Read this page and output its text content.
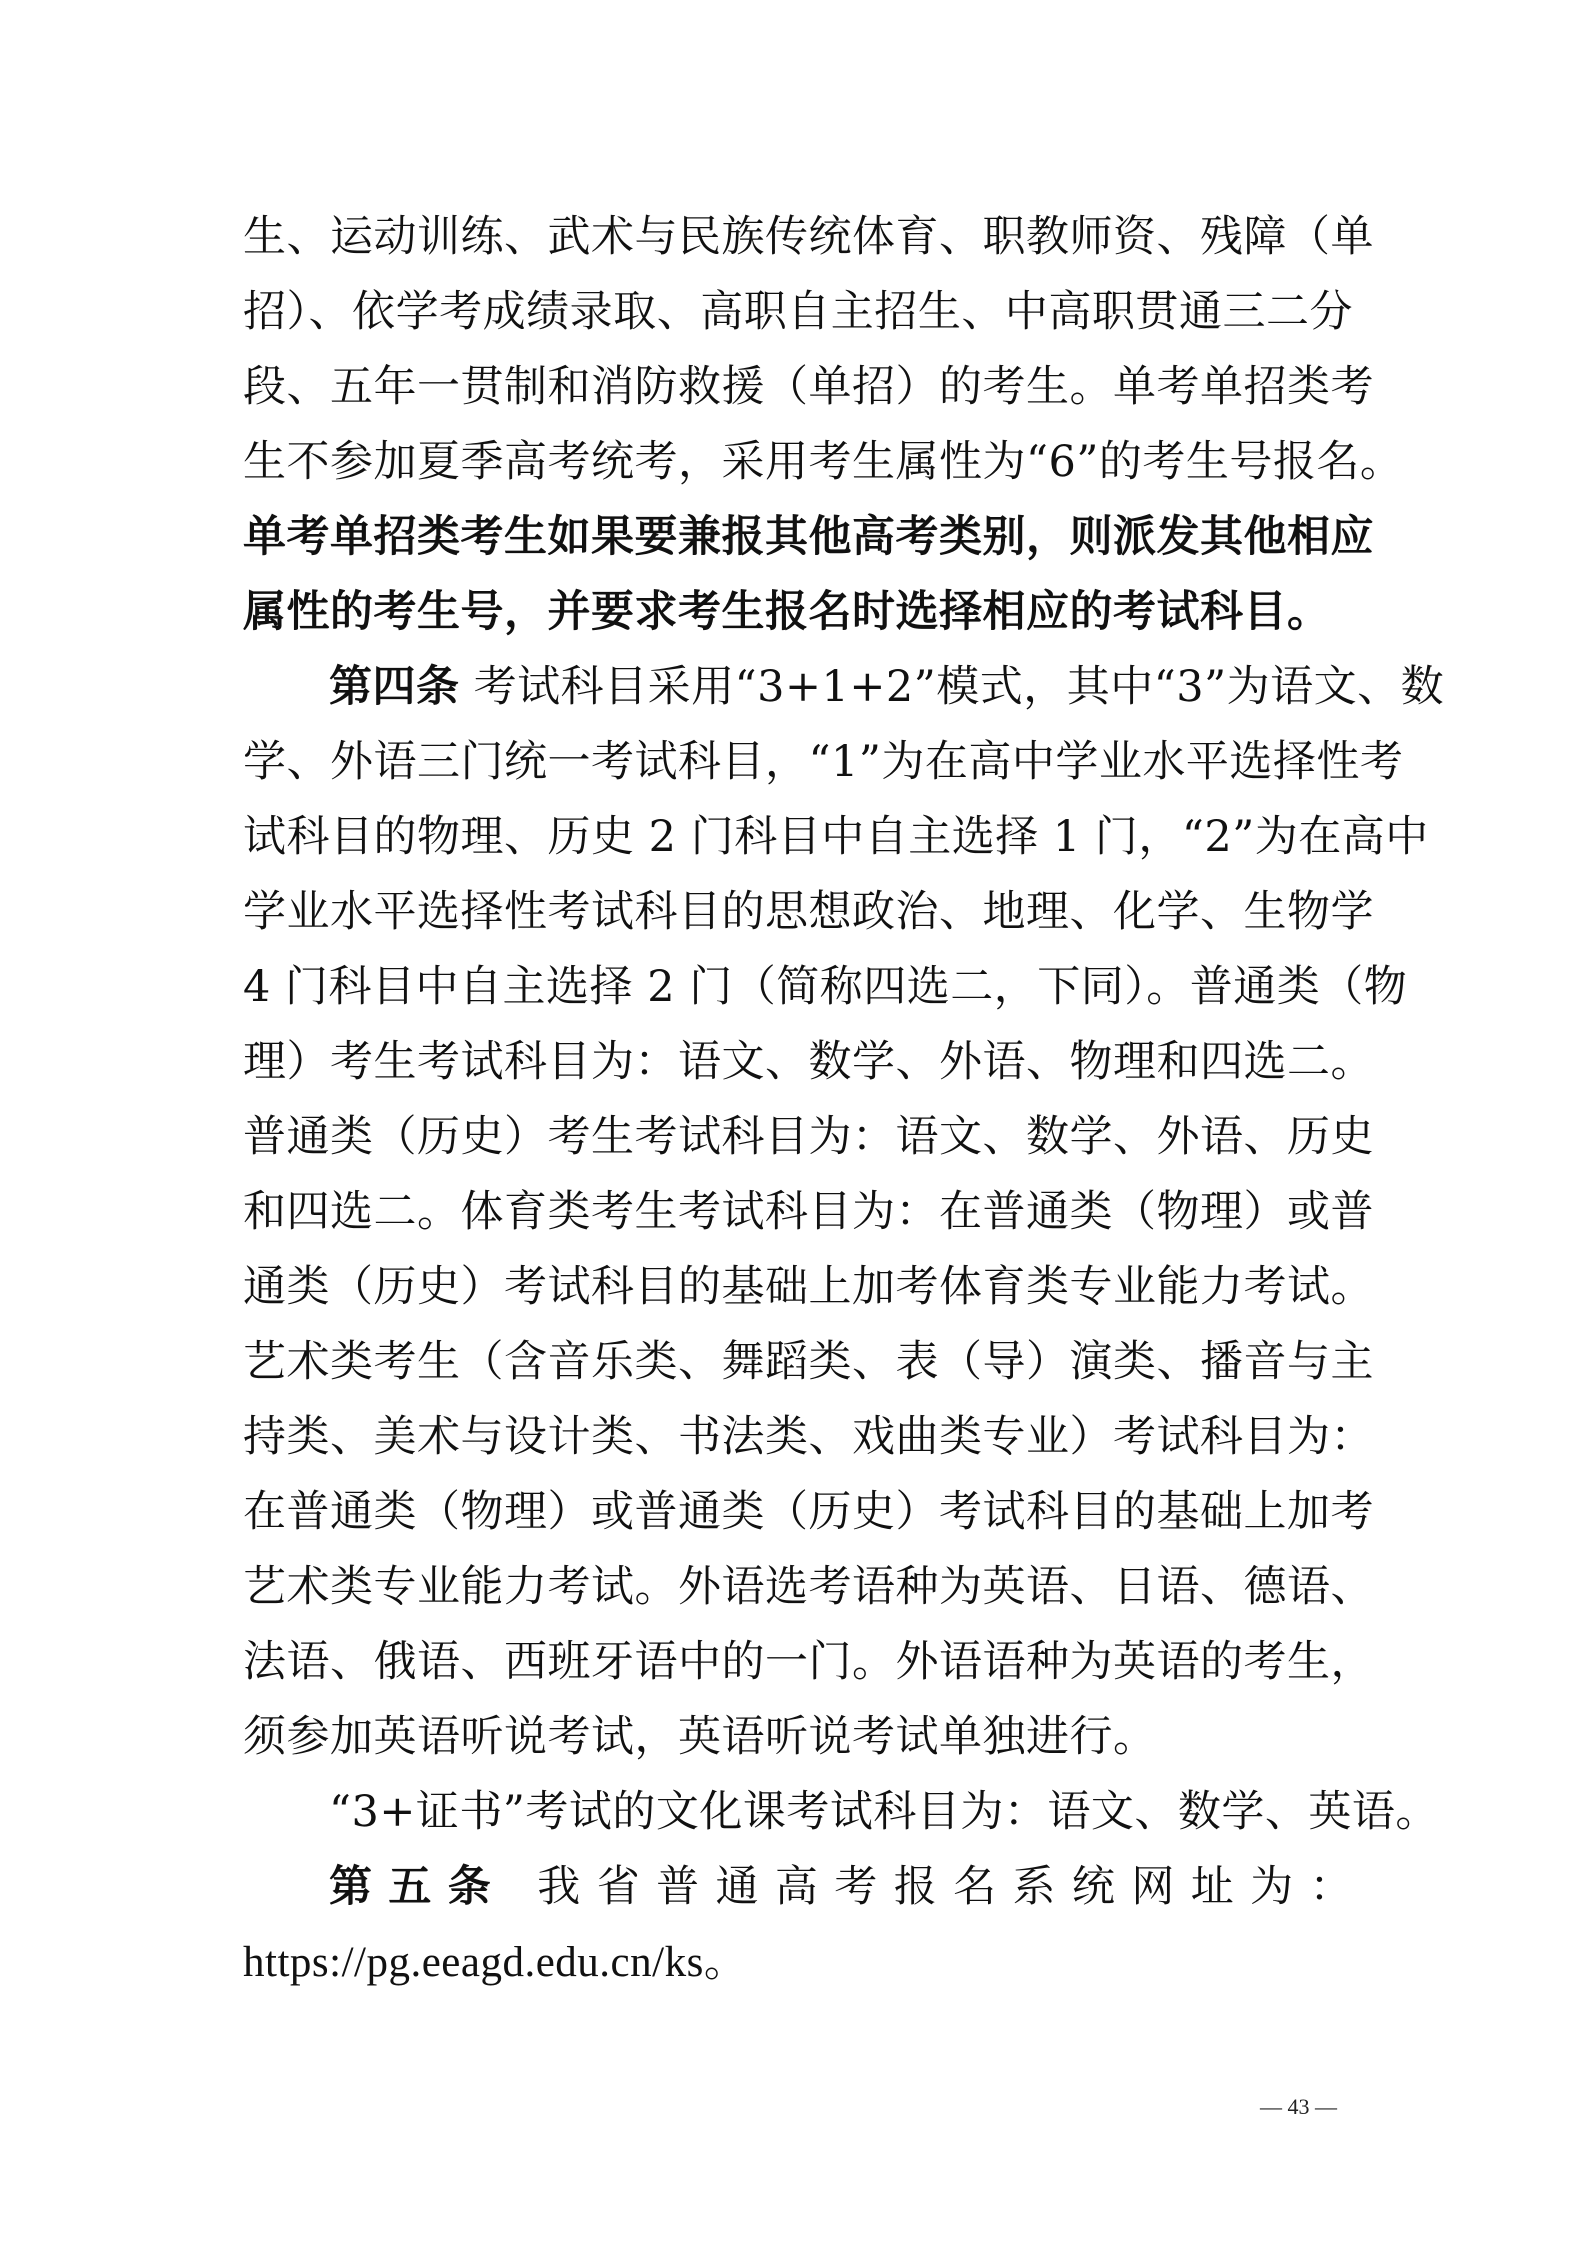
生、运动训练、武术与民族传统体育、职教师资、残障（单
招）、依学考成绩录取、高职自主招生、中高职贯通三二分
段、五年一贯制和消防救援（单招）的考生。单考单招类考
生不参加夏季高考统考，采用考生属性为“6”的考生号报名。
单考单招类考生如果要兼报其他高考类别，则派发其他相应
属性的考生号，并要求考生报名时选择相应的考试科目。
第四条 考试科目采用“3+1+2”模式，其中“3”为语文、数
学、外语三门统一考试科目，“1”为在高中学业水平选择性考
试科目的物理、历史 2 门科目中自主选择 1 门，“2”为在高中
学业水平选择性考试科目的思想政治、地理、化学、生物学
4 门科目中自主选择 2 门（简称四选二，下同）。普通类（物
理）考生考试科目为：语文、数学、外语、物理和四选二。
普通类（历史）考生考试科目为：语文、数学、外语、历史
和四选二。体育类考生考试科目为：在普通类（物理）或普
通类（历史）考试科目的基础上加考体育类专业能力考试。
艺术类考生（含音乐类、舞蹈类、表（导）演类、播音与主
持类、美术与设计类、书法类、戏曲类专业）考试科目为：
在普通类（物理）或普通类（历史）考试科目的基础上加考
艺术类专业能力考试。外语选考语种为英语、日语、德语、
法语、俄语、西班牙语中的一门。外语语种为英语的考生，
须参加英语听说考试，英语听说考试单独进行。
“3+证书”考试的文化课考试科目为：语文、数学、英语。
第五条 我省普通高考报名系统网址为：
https://pg.eeagd.edu.cn/ks。
— 43 —
